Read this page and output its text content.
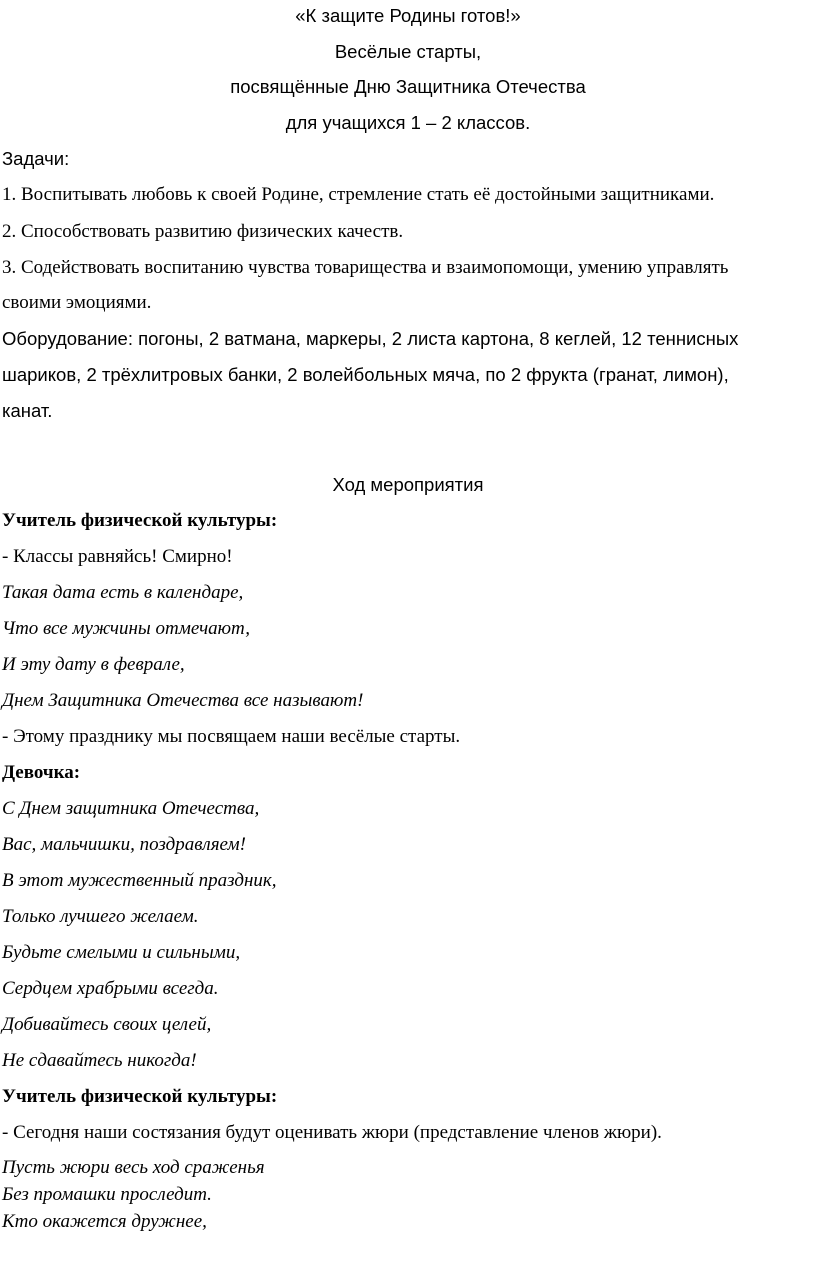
«К защите Родины готов!»
Весёлые старты,
посвящённые Дню Защитника Отечества
для учащихся 1 – 2 классов.
Задачи:
1. Воспитывать любовь к своей Родине, стремление стать её достойными защитниками.
2. Способствовать развитию физических качеств.
3. Содействовать воспитанию чувства товарищества и взаимопомощи, умению управлять
своими эмоциями.
Оборудование: погоны, 2 ватмана, маркеры, 2 листа картона, 8 кеглей, 12 теннисных
шариков, 2 трёхлитровых банки, 2 волейбольных мяча, по 2 фрукта (гранат, лимон),
канат.
Ход мероприятия
Учитель физической культуры:
- Классы равняйсь! Смирно!
Такая дата есть в календаре,
Что все мужчины отмечают,
И эту дату в феврале,
Днем Защитника Отечества все называют!
- Этому празднику мы посвящаем наши весёлые старты.
Девочка:
С Днем защитника Отечества,
Вас, мальчишки, поздравляем!
В этот мужественный праздник,
Только лучшего желаем.
Будьте смелыми и сильными,
Сердцем храбрыми всегда.
Добивайтесь своих целей,
Не сдавайтесь никогда!
Учитель физической культуры:
- Сегодня наши состязания будут оценивать жюри (представление членов жюри).
Пусть жюри весь ход сраженья
Без промашки проследит.
Кто окажется дружнее,
